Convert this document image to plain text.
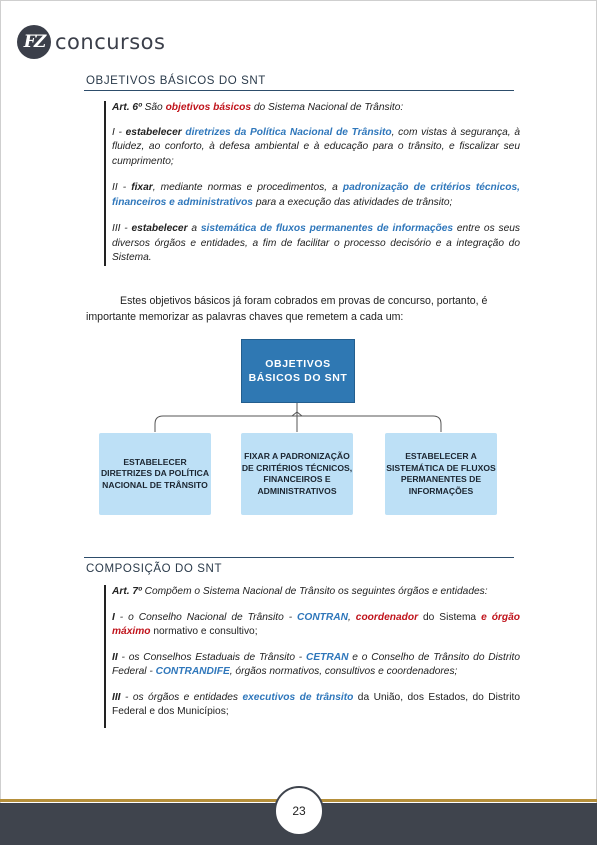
FZ concursos
OBJETIVOS BÁSICOS DO SNT

Art. 6º São objetivos básicos do Sistema Nacional de Trânsito:

I - estabelecer diretrizes da Política Nacional de Trânsito, com vistas à segurança, à fluidez, ao conforto, à defesa ambiental e à educação para o trânsito, e fiscalizar seu cumprimento;

II - fixar, mediante normas e procedimentos, a padronização de critérios técnicos, financeiros e administrativos para a execução das atividades de trânsito;

III - estabelecer a sistemática de fluxos permanentes de informações entre os seus diversos órgãos e entidades, a fim de facilitar o processo decisório e a integração do Sistema.

Estes objetivos básicos já foram cobrados em provas de concurso, portanto, é importante memorizar as palavras chaves que remetem a cada um:
OBJETIVOS BÁSICOS DO SNT
ESTABELECER DIRETRIZES DA POLÍTICA NACIONAL DE TRÂNSITO
FIXAR A PADRONIZAÇÃO DE CRITÉRIOS TÉCNICOS, FINANCEIROS E ADMINISTRATIVOS
ESTABELECER A SISTEMÁTICA DE FLUXOS PERMANENTES DE INFORMAÇÕES
COMPOSIÇÃO DO SNT

Art. 7º Compõem o Sistema Nacional de Trânsito os seguintes órgãos e entidades:

I - o Conselho Nacional de Trânsito - CONTRAN, coordenador do Sistema e órgão máximo normativo e consultivo;

II - os Conselhos Estaduais de Trânsito - CETRAN e o Conselho de Trânsito do Distrito Federal - CONTRANDIFE, órgãos normativos, consultivos e coordenadores;

III - os órgãos e entidades executivos de trânsito da União, dos Estados, do Distrito Federal e dos Municípios;

23
